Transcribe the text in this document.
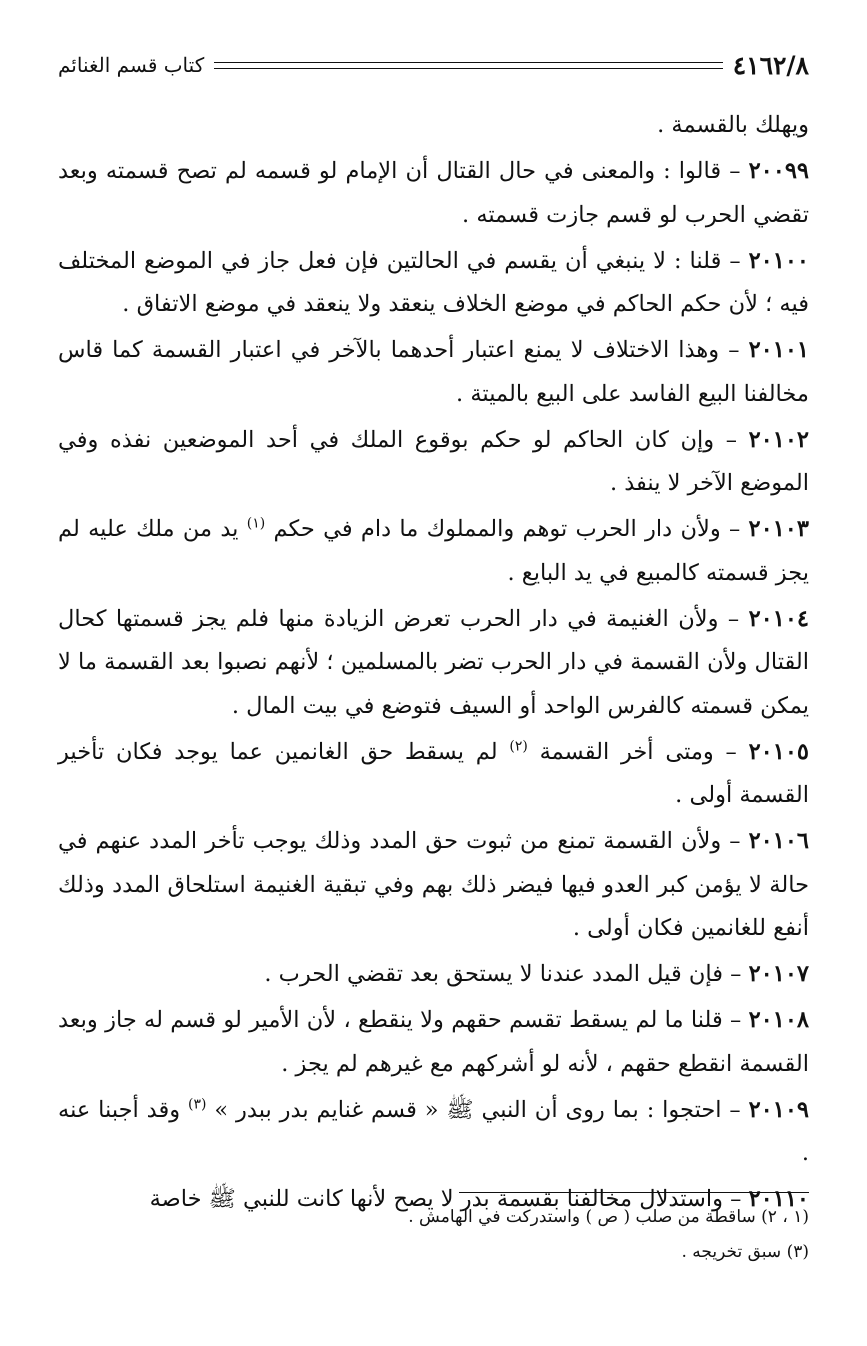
٤١٦٢/٨
كتاب قسم الغنائم

ويهلك بالقسمة .

٢٠٠٩٩ – قالوا : والمعنى في حال القتال أن الإمام لو قسمه لم تصح قسمته وبعد تقضي الحرب لو قسم جازت قسمته .

٢٠١٠٠ – قلنا : لا ينبغي أن يقسم في الحالتين فإن فعل جاز في الموضع المختلف فيه ؛ لأن حكم الحاكم في موضع الخلاف ينعقد ولا ينعقد في موضع الاتفاق .

٢٠١٠١ – وهذا الاختلاف لا يمنع اعتبار أحدهما بالآخر في اعتبار القسمة كما قاس مخالفنا البيع الفاسد على البيع بالميتة .

٢٠١٠٢ – وإن كان الحاكم لو حكم بوقوع الملك في أحد الموضعين نفذه وفي الموضع الآخر لا ينفذ .

٢٠١٠٣ – ولأن دار الحرب توهم والمملوك ما دام في حكم $^{(١)}$ يد من ملك عليه لم يجز قسمته كالمبيع في يد البايع .

٢٠١٠٤ – ولأن الغنيمة في دار الحرب تعرض الزيادة منها فلم يجز قسمتها كحال القتال ولأن القسمة في دار الحرب تضر بالمسلمين ؛ لأنهم نصبوا بعد القسمة ما لا يمكن قسمته كالفرس الواحد أو السيف فتوضع في بيت المال .

٢٠١٠٥ – ومتى أخر القسمة $^{(٢)}$ لم يسقط حق الغانمين عما يوجد فكان تأخير القسمة أولى .

٢٠١٠٦ – ولأن القسمة تمنع من ثبوت حق المدد وذلك يوجب تأخر المدد عنهم في حالة لا يؤمن كبر العدو فيها فيضر ذلك بهم وفي تبقية الغنيمة استلحاق المدد وذلك أنفع للغانمين فكان أولى .

٢٠١٠٧ – فإن قيل المدد عندنا لا يستحق بعد تقضي الحرب .

٢٠١٠٨ – قلنا ما لم يسقط تقسم حقهم ولا ينقطع ، لأن الأمير لو قسم له جاز وبعد القسمة انقطع حقهم ، لأنه لو أشركهم مع غيرهم لم يجز .

٢٠١٠٩ – احتجوا : بما روى أن النبي ﷺ « قسم غنايم بدر ببدر » $^{(٣)}$ وقد أجبنا عنه .

٢٠١١٠ – واستدلال مخالفنا بقسمة بدر لا يصح لأنها كانت للنبي ﷺ خاصة

(١ ، ٢) ساقطة من صلب ( ص ) واستدركت في الهامش .

(٣) سبق تخريجه .
